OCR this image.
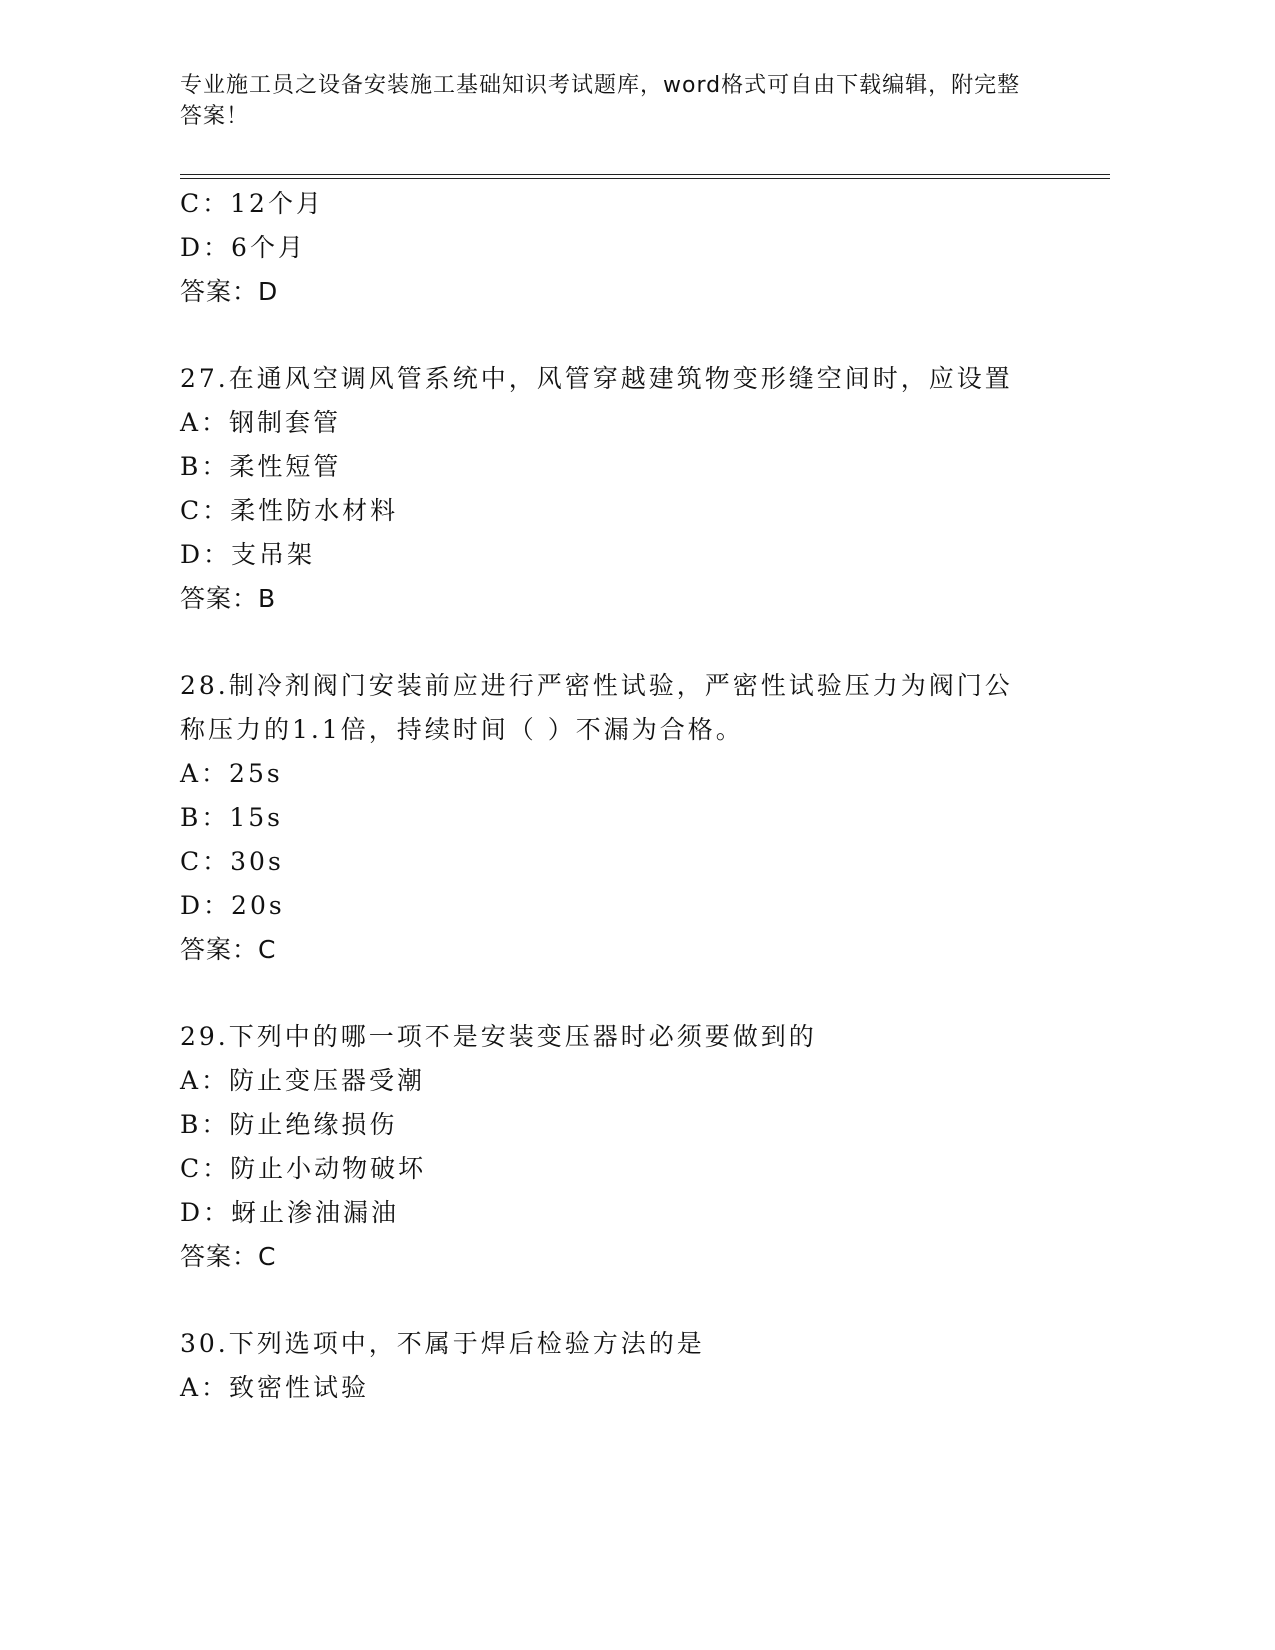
专业施工员之设备安装施工基础知识考试题库，word格式可自由下载编辑，附完整答案！
C：12个月
D：6个月
答案：D
27.在通风空调风管系统中，风管穿越建筑物变形缝空间时，应设置
A：钢制套管
B：柔性短管
C：柔性防水材料
D：支吊架
答案：B
28.制冷剂阀门安装前应进行严密性试验，严密性试验压力为阀门公称压力的1.1倍，持续时间（ ）不漏为合格。
A：25s
B：15s
C：30s
D：20s
答案：C
29.下列中的哪一项不是安装变压器时必须要做到的
A：防止变压器受潮
B：防止绝缘损伤
C：防止小动物破坏
D：蚜止渗油漏油
答案：C
30.下列选项中，不属于焊后检验方法的是
A：致密性试验
